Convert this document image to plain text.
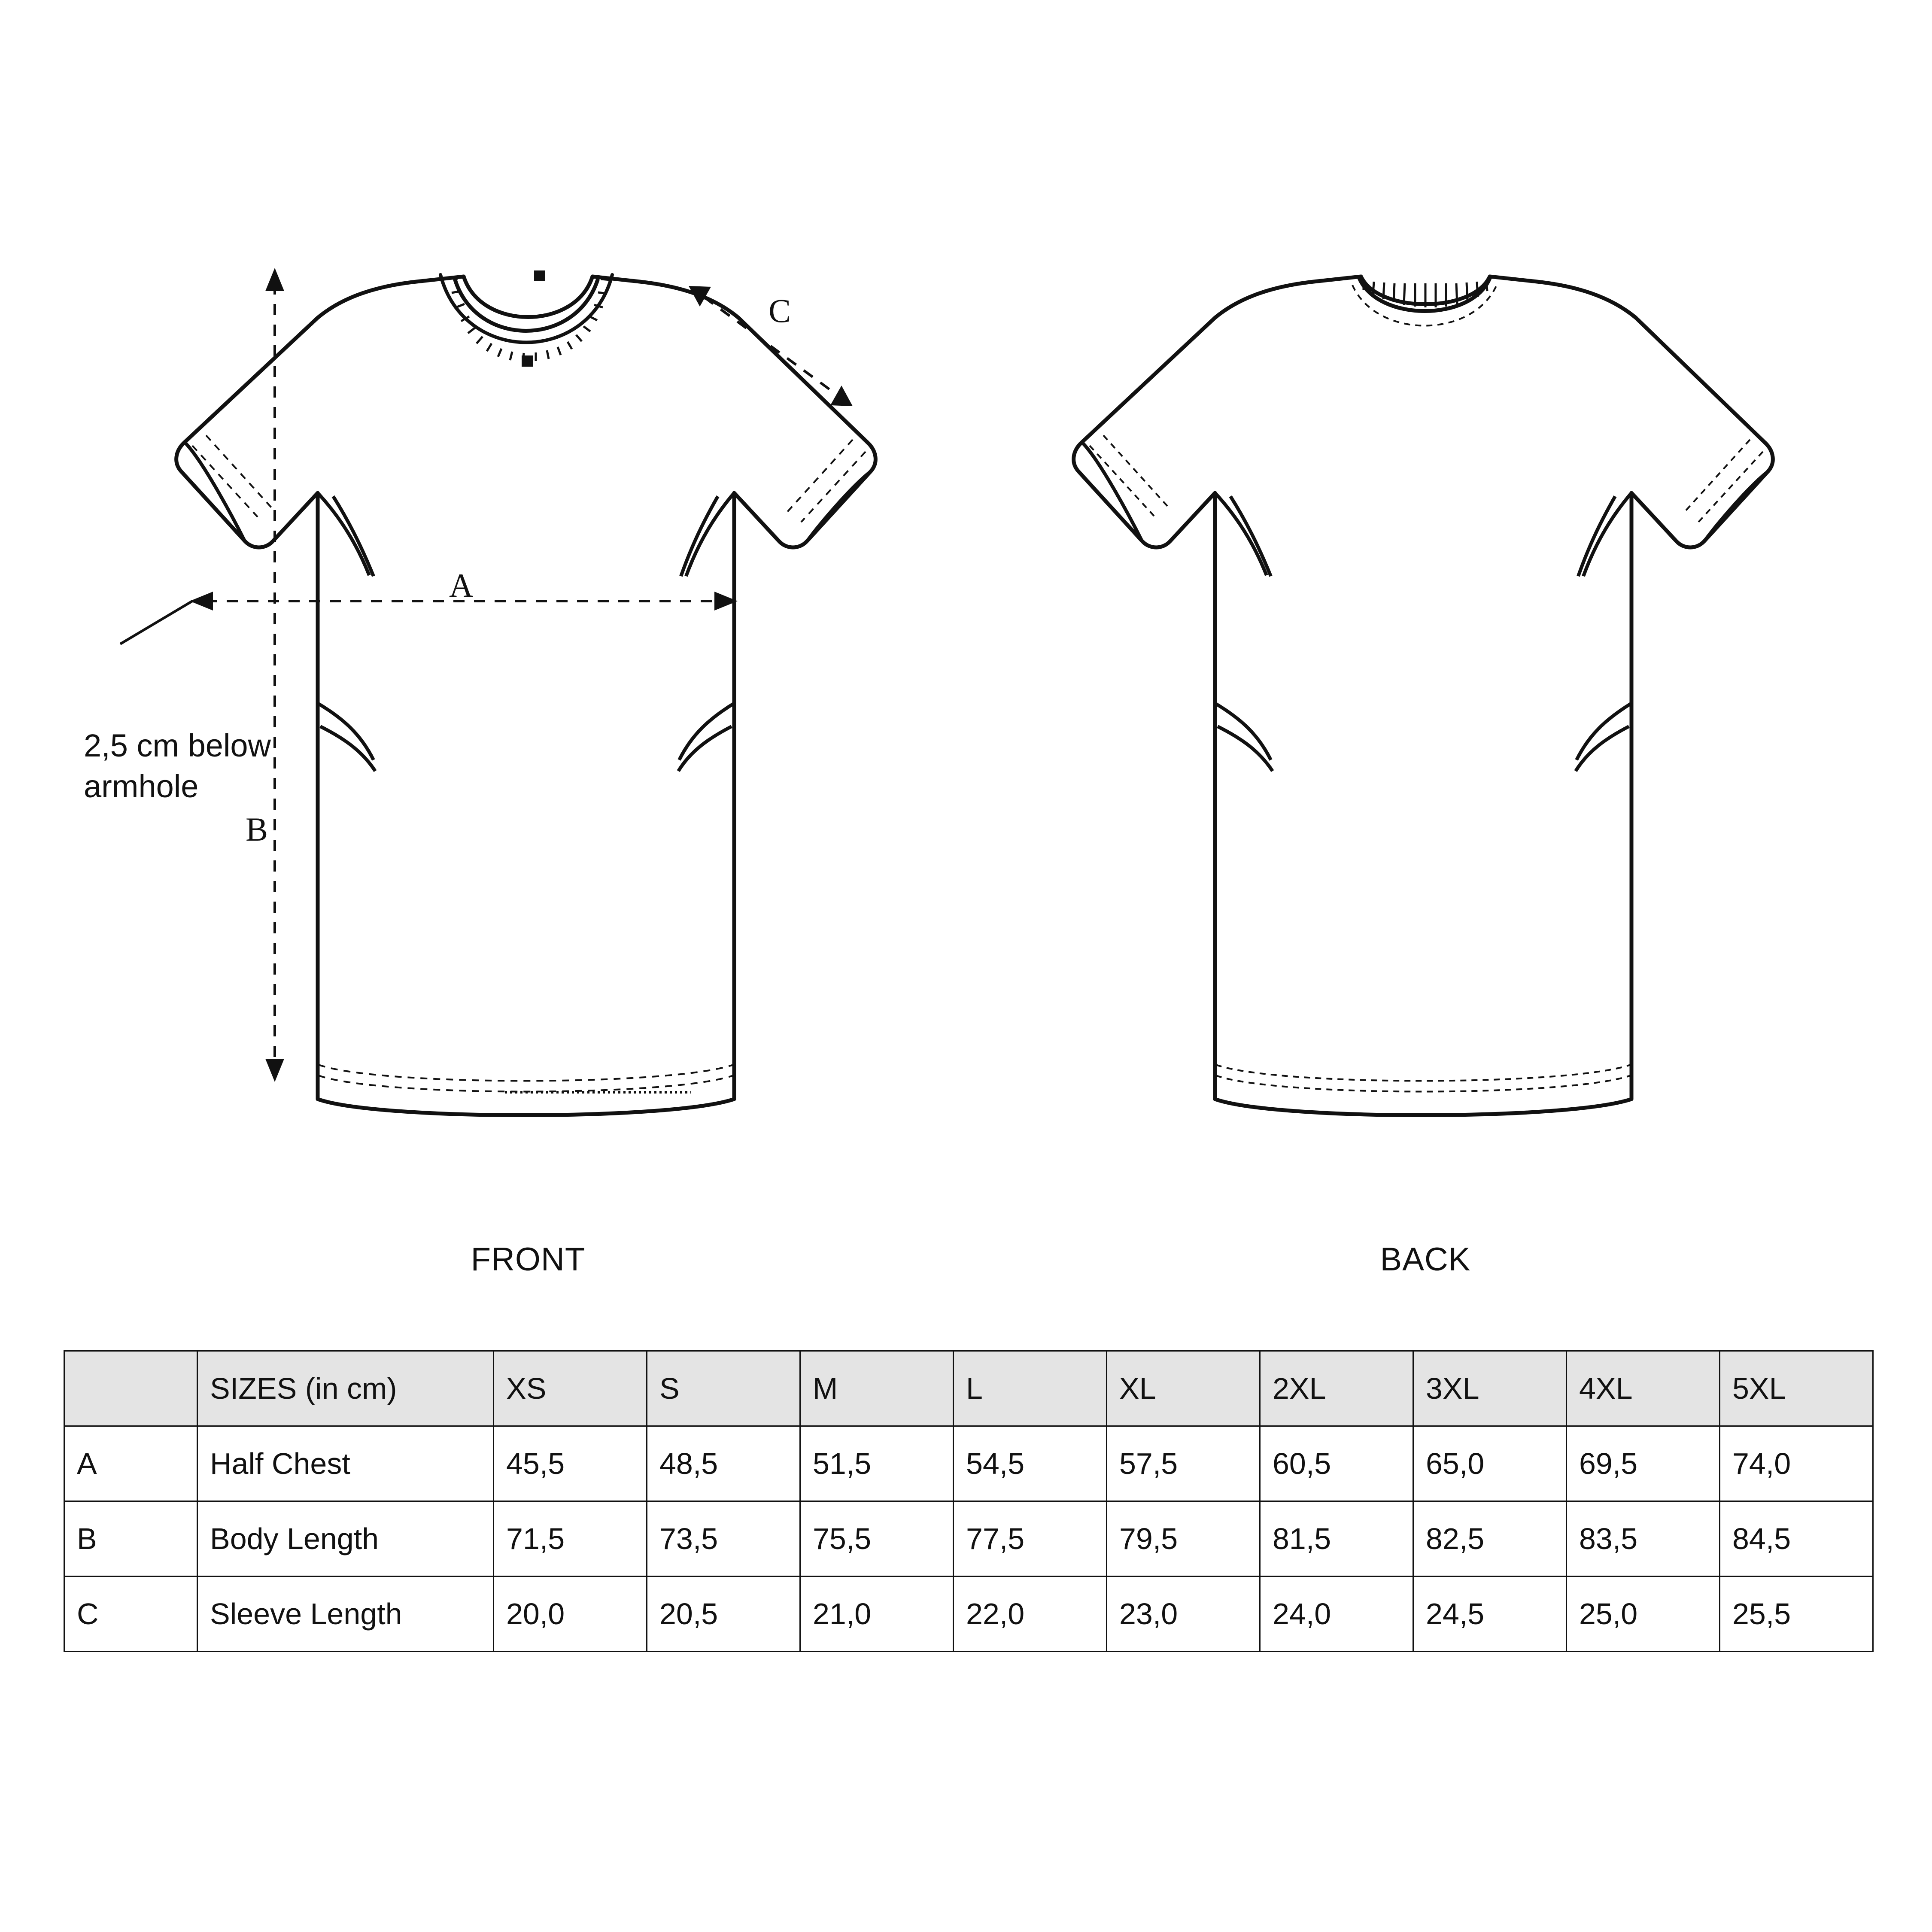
A
B
C
FRONT	BACK
2,5 cm below armhole
	SIZES (in cm)	XS	S	M	L	XL	2XL	3XL	4XL	5XL
A	Half Chest	45,5	48,5	51,5	54,5	57,5	60,5	65,0	69,5	74,0
B	Body Length	71,5	73,5	75,5	77,5	79,5	81,5	82,5	83,5	84,5
C	Sleeve Length	20,0	20,5	21,0	22,0	23,0	24,0	24,5	25,0	25,5
